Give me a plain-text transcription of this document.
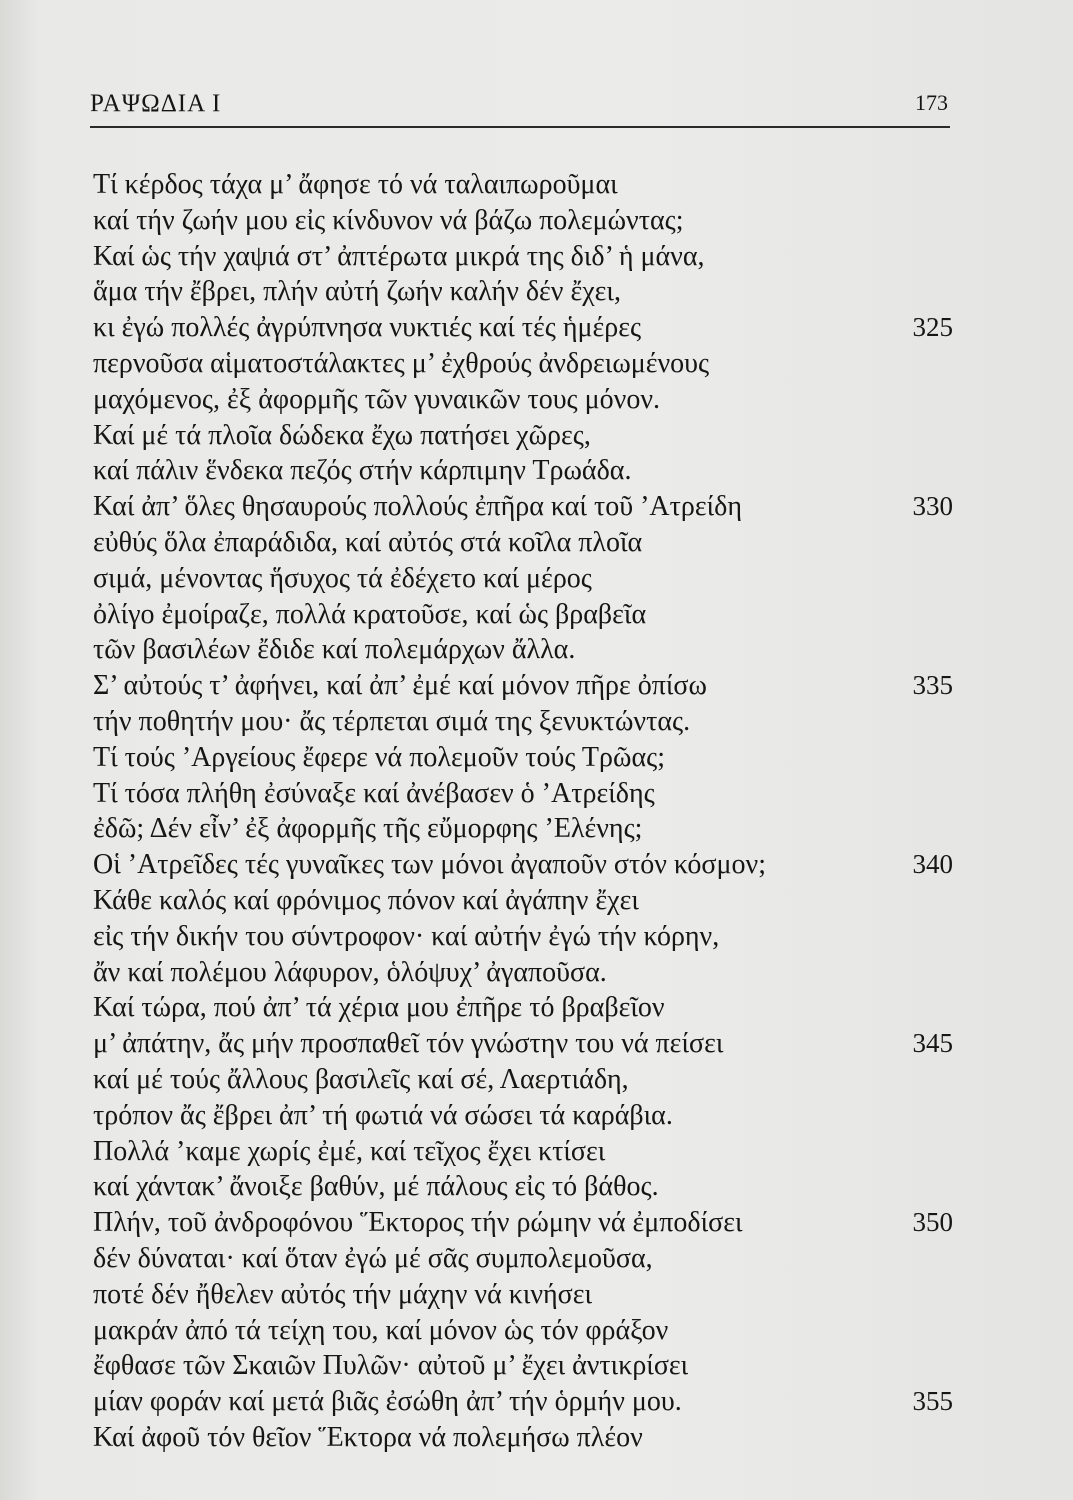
ΡΑΨΩΔΙΑ Ι	173
Τί κέρδος τάχα μ’ ἄφησε τό νά ταλαιπωροῦμαι
καί τήν ζωήν μου εἰς κίνδυνον νά βάζω πολεμώντας;
Καί ὡς τήν χαψιά στ’ ἀπτέρωτα μικρά της διδ’ ἡ μάνα,
ἅμα τήν ἔβρει, πλήν αὐτή ζωήν καλήν δέν ἔχει,
κι ἐγώ πολλές ἀγρύπνησα νυκτιές καί τές ἡμέρες	325
περνοῦσα αἱματοστάλακτες μ’ ἐχθρούς ἀνδρειωμένους
μαχόμενος, ἐξ ἀφορμῆς τῶν γυναικῶν τους μόνον.
Καί μέ τά πλοῖα δώδεκα ἔχω πατήσει χῶρες,
καί πάλιν ἕνδεκα πεζός στήν κάρπιμην Τρωάδα.
Καί ἀπ’ ὅλες θησαυρούς πολλούς ἐπῆρα καί τοῦ ’Ατρείδη	330
εὐθύς ὅλα ἐπαράδιδα, καί αὐτός στά κοῖλα πλοῖα
σιμά, μένοντας ἥσυχος τά ἐδέχετο καί μέρος
ὀλίγο ἐμοίραζε, πολλά κρατοῦσε, καί ὡς βραβεῖα
τῶν βασιλέων ἔδιδε καί πολεμάρχων ἄλλα.
Σ’ αὐτούς τ’ ἀφήνει, καί ἀπ’ ἐμέ καί μόνον πῆρε ὀπίσω	335
τήν ποθητήν μου· ἄς τέρπεται σιμά της ξενυκτώντας.
Τί τούς ’Αργείους ἔφερε νά πολεμοῦν τούς Τρῶας;
Τί τόσα πλήθη ἐσύναξε καί ἀνέβασεν ὁ ’Ατρείδης
ἐδῶ; Δέν εἶν’ ἐξ ἀφορμῆς τῆς εὔμορφης ’Ελένης;
Οἱ ’Ατρεῖδες τές γυναῖκες των μόνοι ἀγαποῦν στόν κόσμον;	340
Κάθε καλός καί φρόνιμος πόνον καί ἀγάπην ἔχει
εἰς τήν δικήν του σύντροφον· καί αὐτήν ἐγώ τήν κόρην,
ἄν καί πολέμου λάφυρον, ὁλόψυχ’ ἀγαποῦσα.
Καί τώρα, πού ἀπ’ τά χέρια μου ἐπῆρε τό βραβεῖον
μ’ ἀπάτην, ἄς μήν προσπαθεῖ τόν γνώστην του νά πείσει	345
καί μέ τούς ἄλλους βασιλεῖς καί σέ, Λαερτιάδη,
τρόπον ἄς ἔβρει ἀπ’ τή φωτιά νά σώσει τά καράβια.
Πολλά ’καμε χωρίς ἐμέ, καί τεῖχος ἔχει κτίσει
καί χάντακ’ ἄνοιξε βαθύν, μέ πάλους εἰς τό βάθος.
Πλήν, τοῦ ἀνδροφόνου Ἕκτορος τήν ρώμην νά ἐμποδίσει	350
δέν δύναται· καί ὅταν ἐγώ μέ σᾶς συμπολεμοῦσα,
ποτέ δέν ἤθελεν αὐτός τήν μάχην νά κινήσει
μακράν ἀπό τά τείχη του, καί μόνον ὡς τόν φράξον
ἔφθασε τῶν Σκαιῶν Πυλῶν· αὐτοῦ μ’ ἔχει ἀντικρίσει
μίαν φοράν καί μετά βιᾶς ἐσώθη ἀπ’ τήν ὁρμήν μου.	355
Καί ἀφοῦ τόν θεῖον Ἕκτορα νά πολεμήσω πλέον
